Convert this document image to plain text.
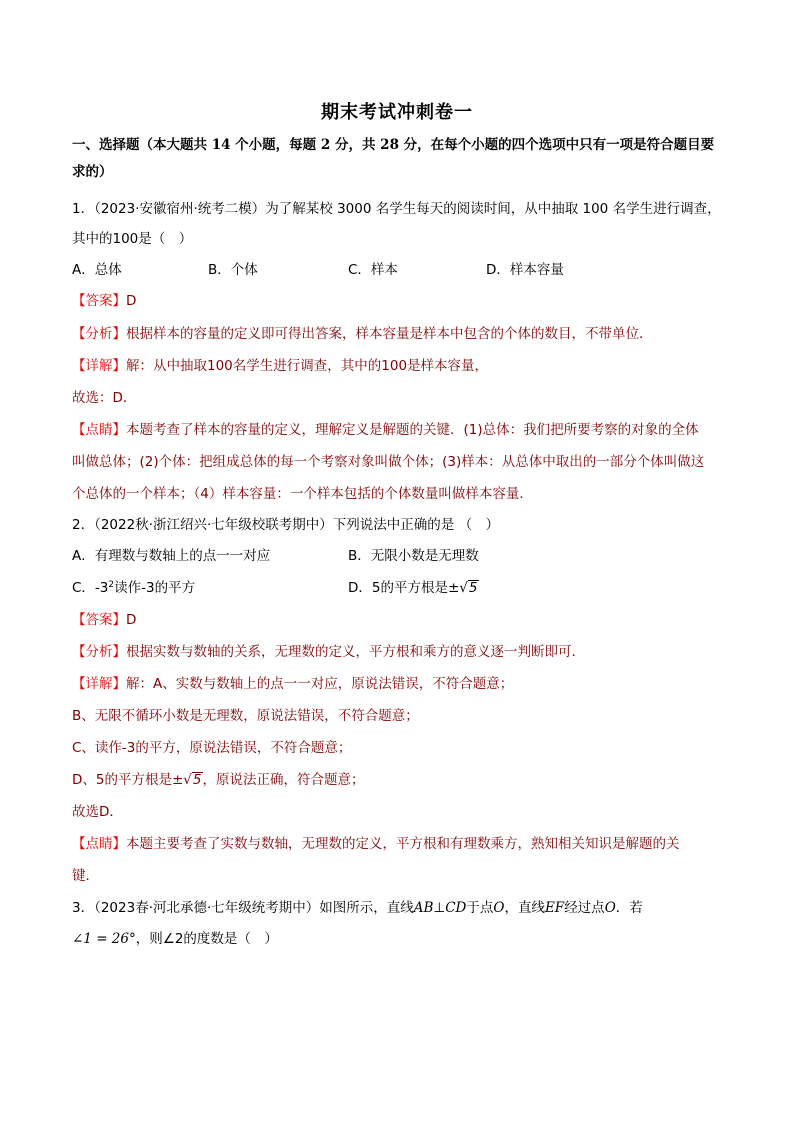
期末考试冲刺卷一
一、选择题（本大题共 14 个小题，每题 2 分，共 28 分，在每个小题的四个选项中只有一项是符合题目要
求的）
1．（2023·安徽宿州·统考二模）为了解某校 3000 名学生每天的阅读时间，从中抽取 100 名学生进行调查，
其中的100是（　）
A．总体	B．个体	C．样本	D．样本容量
【答案】D
【分析】根据样本的容量的定义即可得出答案，样本容量是样本中包含的个体的数目，不带单位．
【详解】解：从中抽取100名学生进行调查，其中的100是样本容量，
故选：D．
【点睛】本题考查了样本的容量的定义，理解定义是解题的关键．(1)总体：我们把所要考察的对象的全体
叫做总体；(2)个体：把组成总体的每一个考察对象叫做个体；(3)样本：从总体中取出的一部分个体叫做这
个总体的一个样本；（4）样本容量：一个样本包括的个体数量叫做样本容量．
2．（2022秋·浙江绍兴·七年级校联考期中）下列说法中正确的是 （　）
A．有理数与数轴上的点一一对应	B．无限小数是无理数
C．$-3^2$读作-3的平方	D．5的平方根是±√5
【答案】D
【分析】根据实数与数轴的关系，无理数的定义，平方根和乘方的意义逐一判断即可．
【详解】解：A、实数与数轴上的点一一对应，原说法错误，不符合题意；
B、无限不循环小数是无理数，原说法错误，不符合题意；
C、读作-3的平方，原说法错误，不符合题意；
D、5的平方根是±√5，原说法正确，符合题意；
故选D．
【点睛】本题主要考查了实数与数轴，无理数的定义，平方根和有理数乘方，熟知相关知识是解题的关
键．
3．（2023春·河北承德·七年级统考期中）如图所示，直线AB⊥CD于点O，直线EF经过点O．若
∠1 = 26°，则∠2的度数是（　）
